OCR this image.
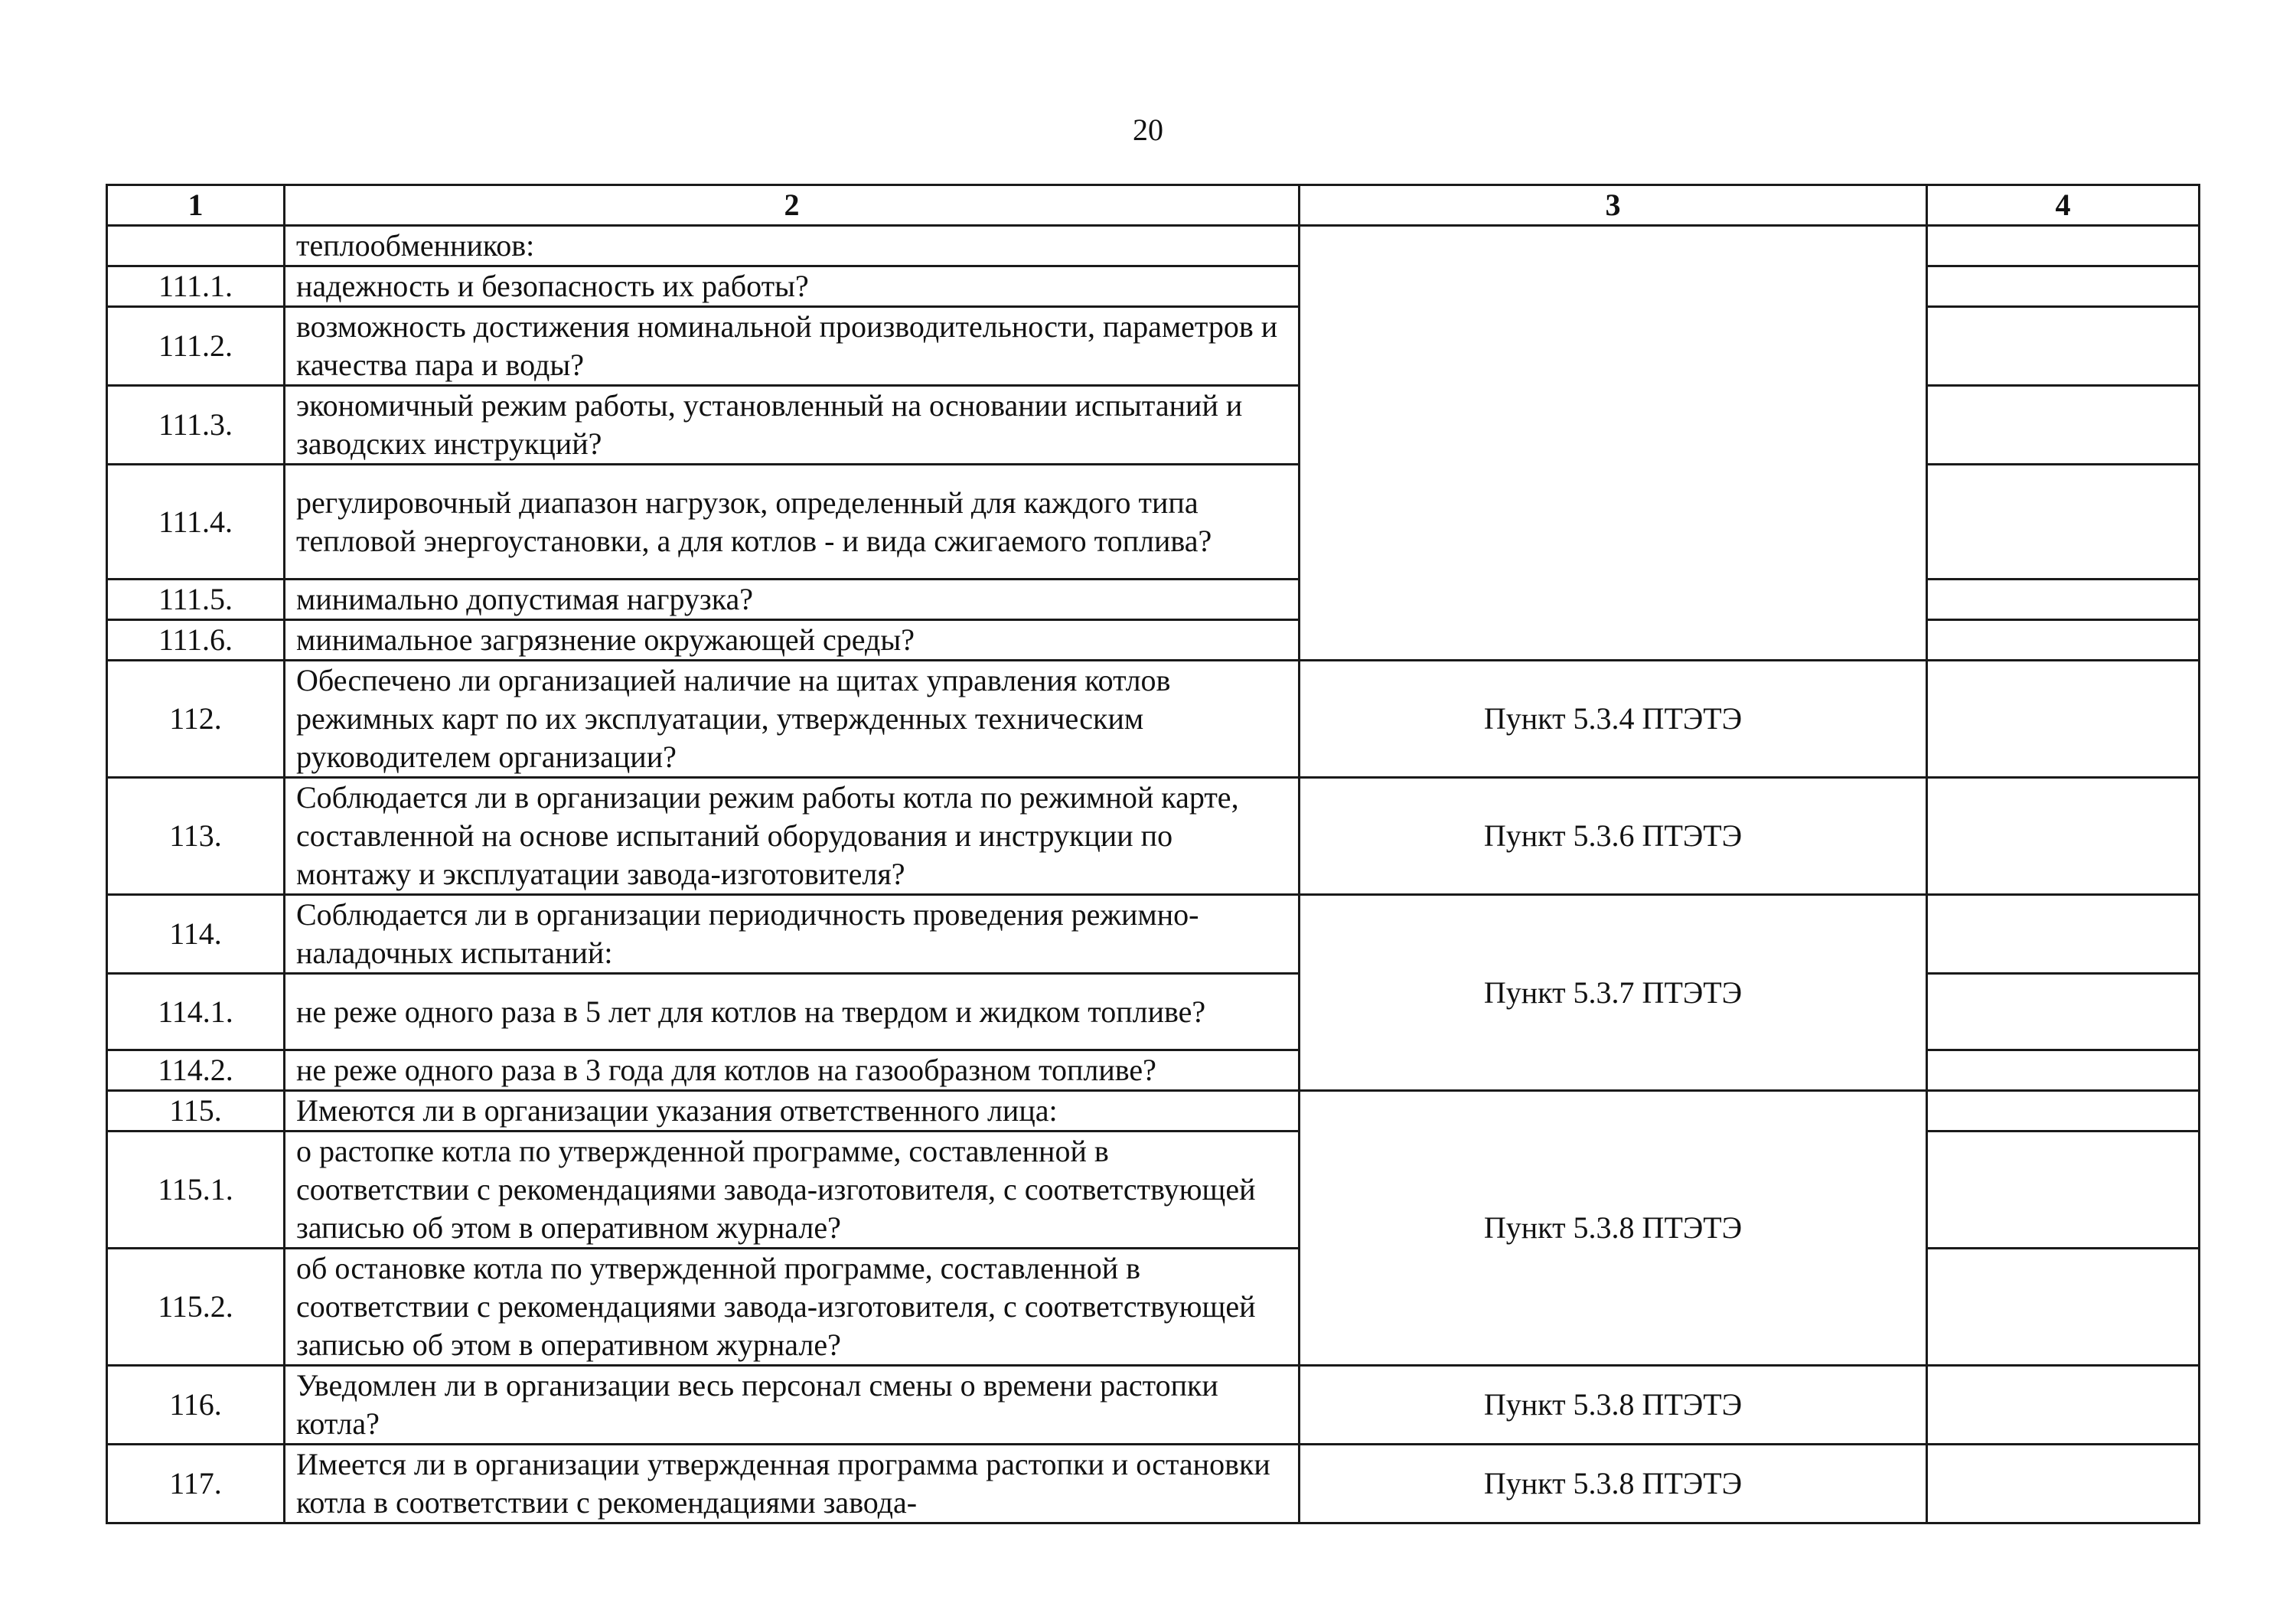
20
1	2	3	4
	теплообменников:		
111.1.	надежность и безопасность их работы?		
111.2.	возможность достижения номинальной производительности, параметров и качества пара и воды?		
111.3.	экономичный режим работы, установленный на основании испытаний и заводских инструкций?		
111.4.	регулировочный диапазон нагрузок, определенный для каждого типа тепловой энергоустановки, а для котлов - и вида сжигаемого топлива?		
111.5.	минимально допустимая нагрузка?		
111.6.	минимальное загрязнение окружающей среды?		
112.	Обеспечено ли организацией наличие на щитах управления котлов режимных карт по их эксплуатации, утвержденных техническим руководителем организации?	Пункт 5.3.4 ПТЭТЭ	
113.	Соблюдается ли в организации режим работы котла по режимной карте, составленной на основе испытаний оборудования и инструкции по монтажу и эксплуатации завода-изготовителя?	Пункт 5.3.6 ПТЭТЭ	
114.	Соблюдается ли в организации периодичность проведения режимно-наладочных испытаний:	Пункт 5.3.7 ПТЭТЭ	
114.1.	не реже одного раза в 5 лет для котлов на твердом и жидком топливе?		
114.2.	не реже одного раза в 3 года для котлов на газообразном топливе?		
115.	Имеются ли в организации указания ответственного лица:	Пункт 5.3.8 ПТЭТЭ	
115.1.	о растопке котла по утвержденной программе, составленной в соответствии с рекомендациями завода-изготовителя, с соответствующей записью об этом в оперативном журнале?		
115.2.	об остановке котла по утвержденной программе, составленной в соответствии с рекомендациями завода-изготовителя, с соответствующей записью об этом в оперативном журнале?		
116.	Уведомлен ли в организации весь персонал смены о времени растопки котла?	Пункт 5.3.8 ПТЭТЭ	
117.	Имеется ли в организации утвержденная программа растопки и остановки котла в соответствии с рекомендациями завода-	Пункт 5.3.8 ПТЭТЭ	
